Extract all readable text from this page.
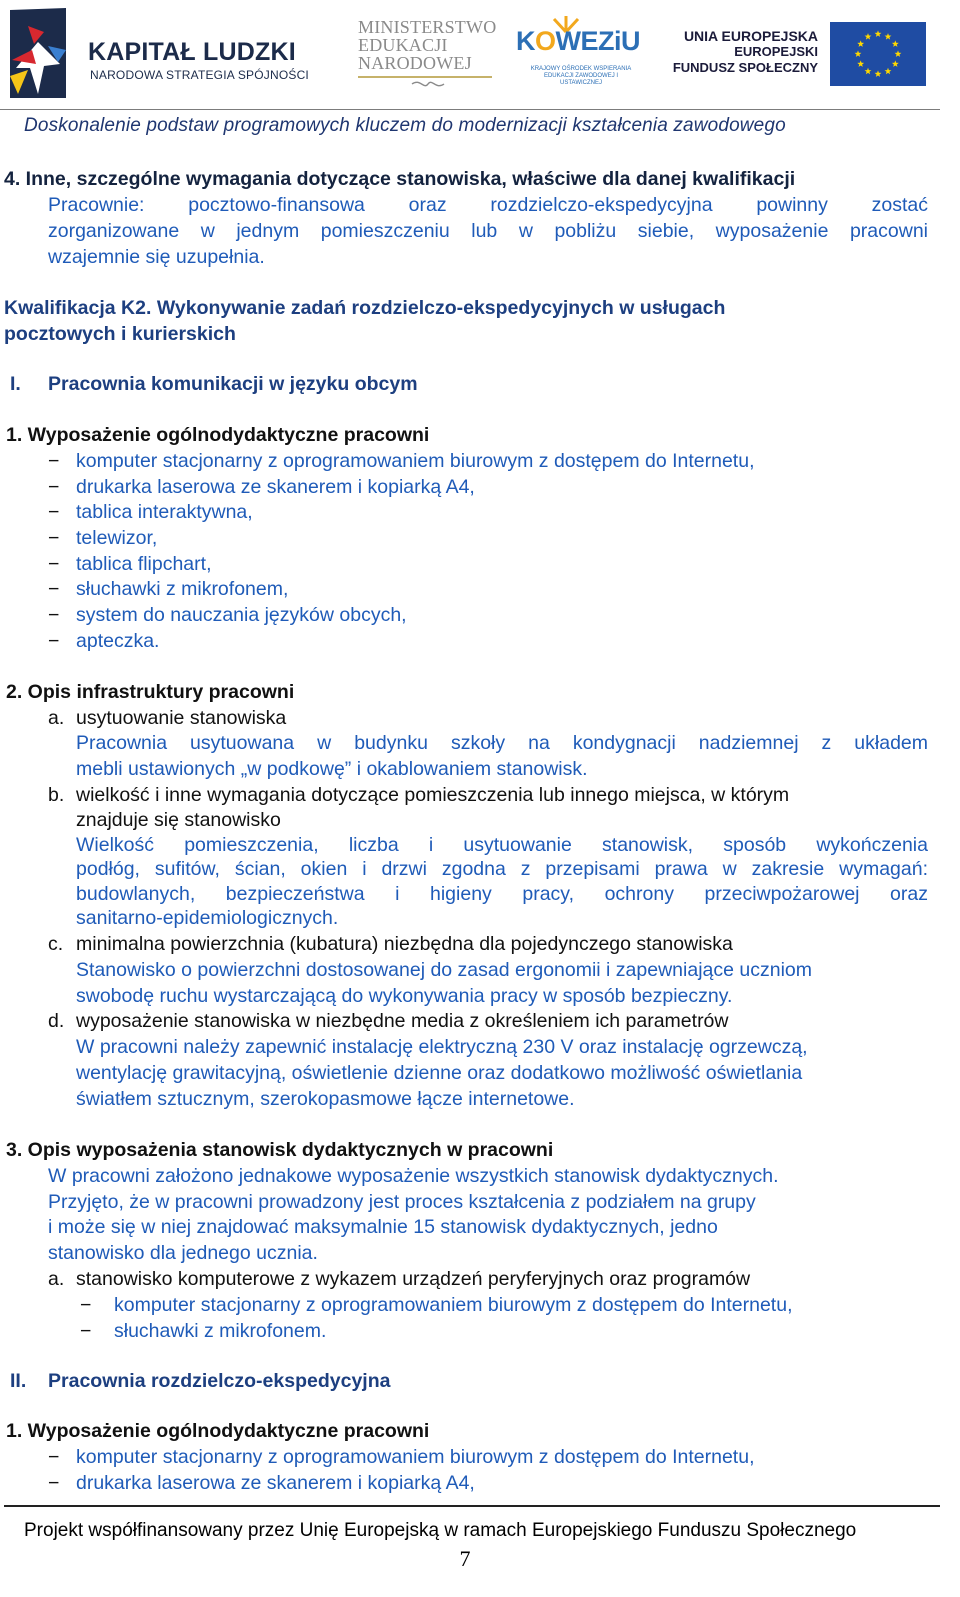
KAPITAŁ LUDZKI
NARODOWA STRATEGIA SPÓJNOŚCI
MINISTERSTWO
EDUKACJI
NARODOWEJ
KOWEZiU
KRAJOWY OŚRODEK WSPIERANIA EDUKACJI ZAWODOWEJ I USTAWICZNEJ
UNIA EUROPEJSKA
EUROPEJSKI
FUNDUSZ SPOŁECZNY
Doskonalenie podstaw programowych kluczem do modernizacji kształcenia zawodowego
4. Inne, szczególne wymagania dotyczące stanowiska, właściwe dla danej kwalifikacji
Pracownie: pocztowo-finansowa oraz rozdzielczo-ekspedycyjna powinny zostać
zorganizowane w jednym pomieszczeniu lub w pobliżu siebie, wyposażenie pracowni
wzajemnie się uzupełnia.
Kwalifikacja K2. Wykonywanie zadań rozdzielczo-ekspedycyjnych w usługach
pocztowych i kurierskich
I. Pracownia komunikacji w języku obcym
1. Wyposażenie ogólnodydaktyczne pracowni
− komputer stacjonarny z oprogramowaniem biurowym z dostępem do Internetu,
− drukarka laserowa ze skanerem i kopiarką A4,
− tablica interaktywna,
− telewizor,
− tablica flipchart,
− słuchawki z mikrofonem,
− system do nauczania języków obcych,
− apteczka.
2. Opis infrastruktury pracowni
a. usytuowanie stanowiska
Pracownia usytuowana w budynku szkoły na kondygnacji nadziemnej z układem
mebli ustawionych „w podkowę” i okablowaniem stanowisk.
b. wielkość i inne wymagania dotyczące pomieszczenia lub innego miejsca, w którym
znajduje się stanowisko
Wielkość pomieszczenia, liczba i usytuowanie stanowisk, sposób wykończenia
podłóg, sufitów, ścian, okien i drzwi zgodna z przepisami prawa w zakresie wymagań:
budowlanych, bezpieczeństwa i higieny pracy, ochrony przeciwpożarowej oraz
sanitarno-epidemiologicznych.
c. minimalna powierzchnia (kubatura) niezbędna dla pojedynczego stanowiska
Stanowisko o powierzchni dostosowanej do zasad ergonomii i zapewniające uczniom
swobodę ruchu wystarczającą do wykonywania pracy w sposób bezpieczny.
d. wyposażenie stanowiska w niezbędne media z określeniem ich parametrów
W pracowni należy zapewnić instalację elektryczną 230 V oraz instalację ogrzewczą,
wentylację grawitacyjną, oświetlenie dzienne oraz dodatkowo możliwość oświetlania
światłem sztucznym, szerokopasmowe łącze internetowe.
3. Opis wyposażenia stanowisk dydaktycznych w pracowni
W pracowni założono jednakowe wyposażenie wszystkich stanowisk dydaktycznych.
Przyjęto, że w pracowni prowadzony jest proces kształcenia z podziałem na grupy
i może się w niej znajdować maksymalnie 15 stanowisk dydaktycznych, jedno
stanowisko dla jednego ucznia.
a. stanowisko komputerowe z wykazem urządzeń peryferyjnych oraz programów
− komputer stacjonarny z oprogramowaniem biurowym z dostępem do Internetu,
− słuchawki z mikrofonem.
II. Pracownia rozdzielczo-ekspedycyjna
1. Wyposażenie ogólnodydaktyczne pracowni
− komputer stacjonarny z oprogramowaniem biurowym z dostępem do Internetu,
− drukarka laserowa ze skanerem i kopiarką A4,
Projekt współfinansowany przez Unię Europejską w ramach Europejskiego Funduszu Społecznego
7
